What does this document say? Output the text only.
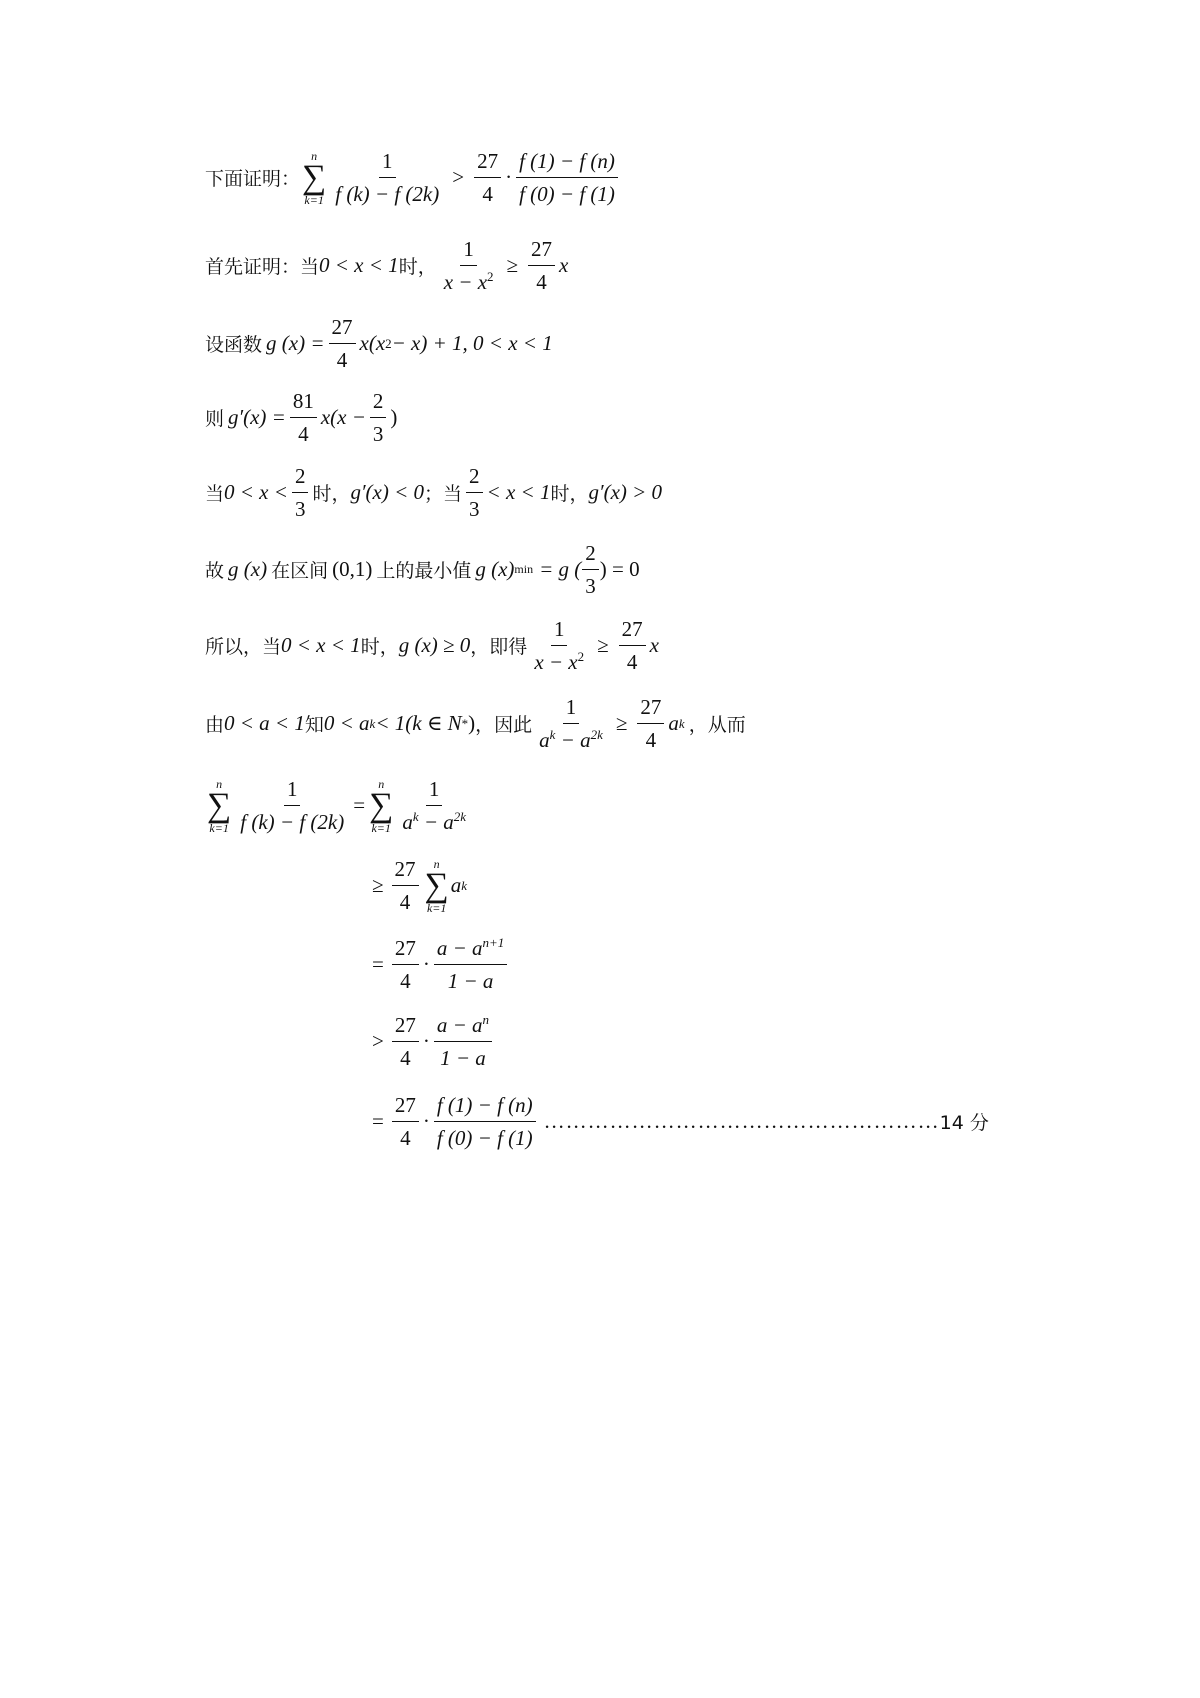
下面证明：
n
∑
$k=1 \frac{1}{f (k) - f (2k)} > \frac{27}{4} \cdot \frac{f (1) - f (n)}{f (0) - f (1)}$
首先证明：当 0 < x < 1 时， $\frac{1}{x - x^2} \ge \frac{27}{4}$ x
设函数 g $(x) = \frac{27}{4} x(x$ 2 − x) + 1, 0 < x < 1
则 $g'(x) = \frac{81}{4} x(x - \frac{2}{3}$ )
当 $0 < x < \frac{2}{3}$ 时， g′(x) < 0 ；当 $\frac{2}{3} < x < 1$ 时， g′(x) > 0
故 g (x) 在区间 (0,1) 上的最小值 g (x) min = g ( $\frac{2}{3}$ ) = 0
所以，当 0 < x < 1 时， g (x) ≥ 0 ，即得 $\frac{1}{x - x^2} \ge \frac{27}{4}$ x
由 0 < a < 1 知 0 < a k < 1(k ∈ N * ) ，因此 $\frac{1}{a^k - a^{2k}} \ge \frac{27}{4}$ a k ，从而
n
∑
$k=1 \frac{1}{f (k) - f (2k)}$ =
n
∑
$k=1 \frac{1}{a^k - a^{2k}}$
≥ $\frac{27}{4}$ n
∑
k=1
a k
= $\frac{27}{4} \cdot \frac{a - a^{n+1}}{1 - a}$
> $\frac{27}{4} \cdot \frac{a - a^n}{1 - a}$
= $\frac{27}{4} \cdot \frac{f (1) - f (n)}{f (0) - f (1)}$ ……………………………………………… 14 分
